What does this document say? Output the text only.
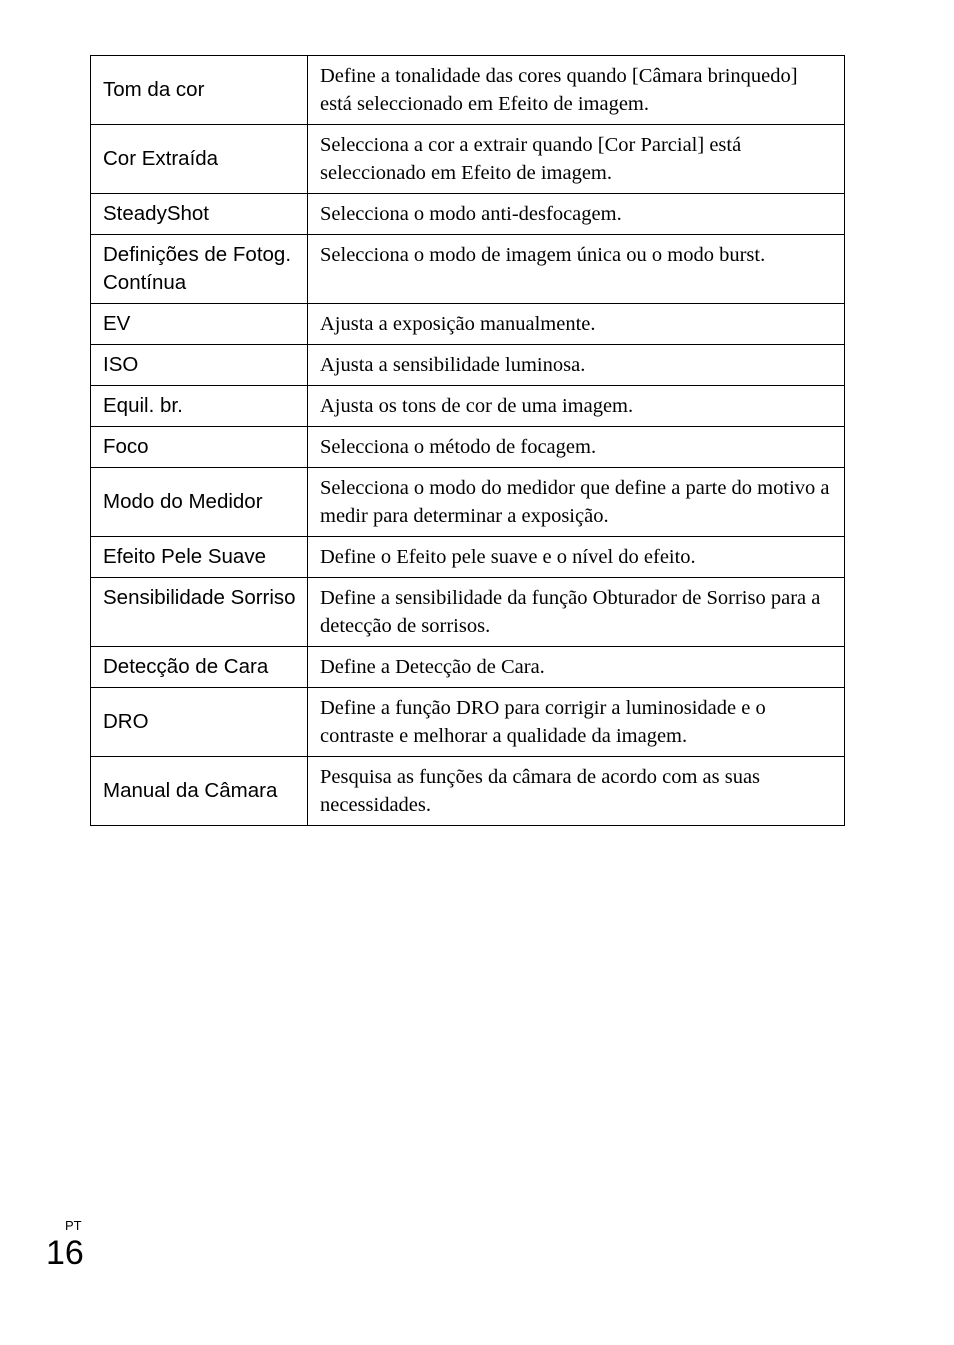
Tom da cor	Define a tonalidade das cores quando [Câmara brinquedo] está seleccionado em Efeito de imagem.
Cor Extraída	Selecciona a cor a extrair quando [Cor Parcial] está seleccionado em Efeito de imagem.
SteadyShot	Selecciona o modo anti-desfocagem.
Definições de Fotog. Contínua	Selecciona o modo de imagem única ou o modo burst.
EV	Ajusta a exposição manualmente.
ISO	Ajusta a sensibilidade luminosa.
Equil. br.	Ajusta os tons de cor de uma imagem.
Foco	Selecciona o método de focagem.
Modo do Medidor	Selecciona o modo do medidor que define a parte do motivo a medir para determinar a exposição.
Efeito Pele Suave	Define o Efeito pele suave e o nível do efeito.
Sensibilidade Sorriso	Define a sensibilidade da função Obturador de Sorriso para a detecção de sorrisos.
Detecção de Cara	Define a Detecção de Cara.
DRO	Define a função DRO para corrigir a luminosidade e o contraste e melhorar a qualidade da imagem.
Manual da Câmara	Pesquisa as funções da câmara de acordo com as suas necessidades.
PT
16
